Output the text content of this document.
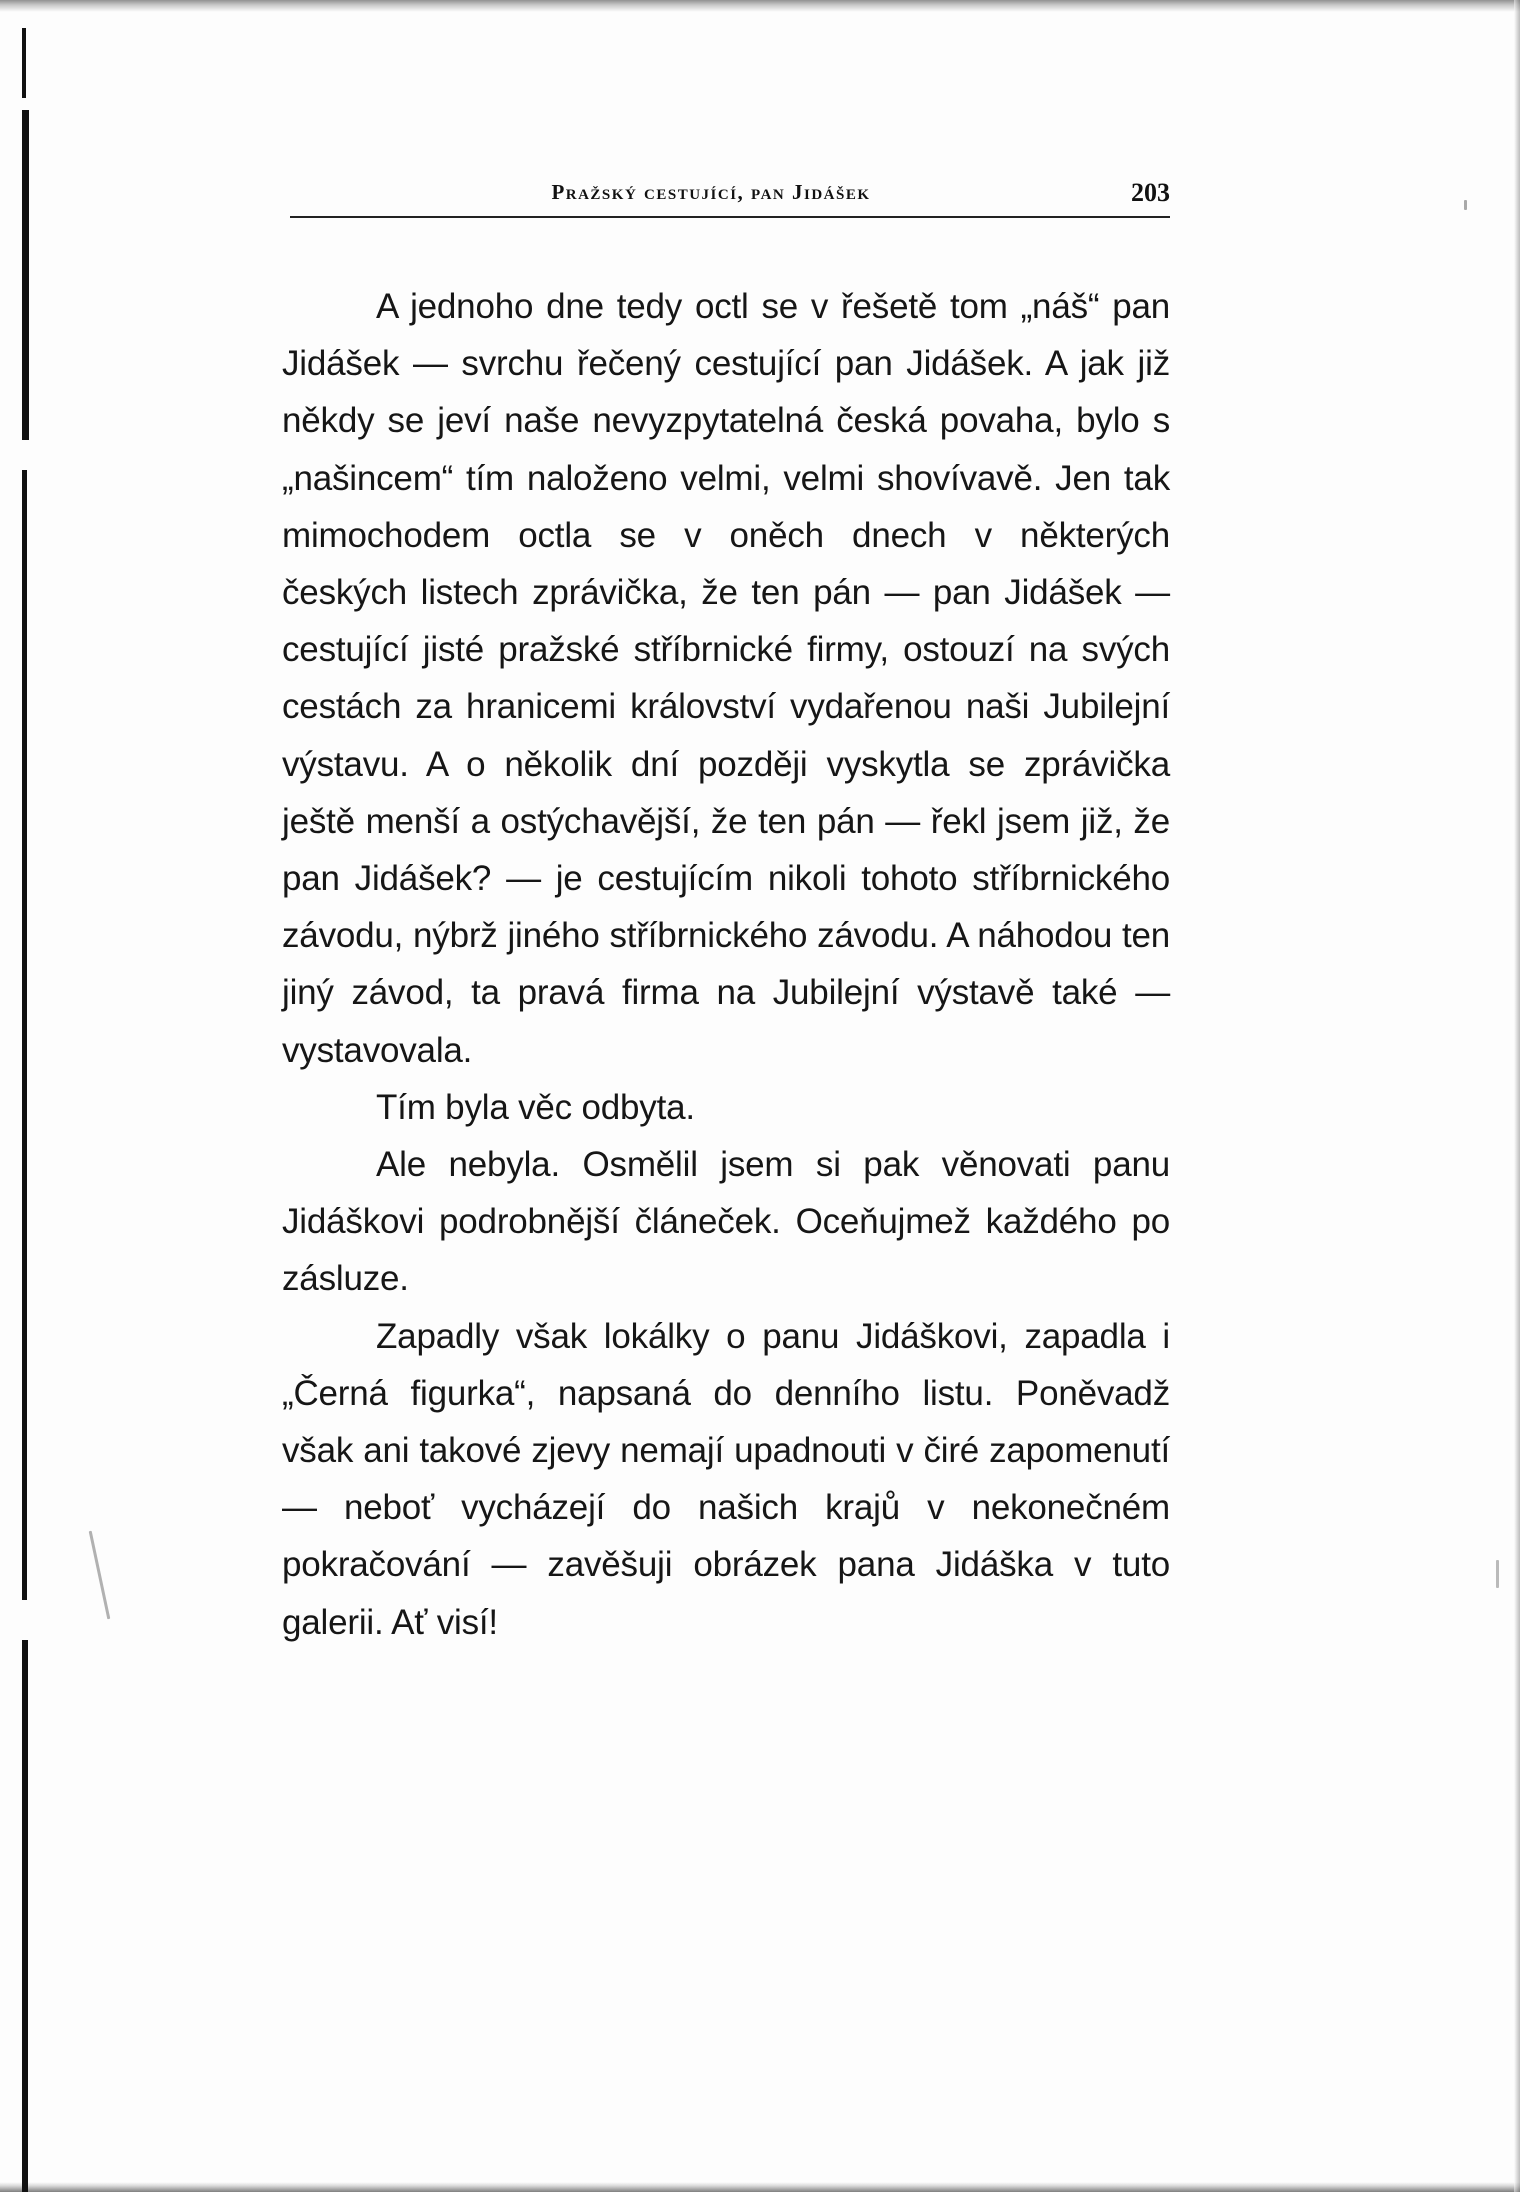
Pražský cestující, pan Jidášek	203

A jednoho dne tedy octl se v řešetě tom „náš“ pan Jidášek — svrchu řečený cestující pan Jidášek. A jak již někdy se jeví naše nevyzpytatelná česká povaha, bylo s „našincem“ tím naloženo velmi, velmi shovívavě. Jen tak mimochodem octla se v oněch dnech v některých českých listech zprávička, že ten pán — pan Jidášek — cestující jisté pražské stříbrnické firmy, ostouzí na svých cestách za hranicemi království vydařenou naši Jubilejní výstavu. A o několik dní později vyskytla se zprávička ještě menší a ostýchavější, že ten pán — řekl jsem již, že pan Jidášek? — je cestujícím nikoli tohoto stříbrnického závodu, nýbrž jiného stříbrnického závodu. A náhodou ten jiný závod, ta pravá firma na Jubilejní výstavě také — vystavovala.

Tím byla věc odbyta.

Ale nebyla. Osmělil jsem si pak věnovati panu Jidáškovi podrobnější článeček. Oceňujmež každého po zásluze.

Zapadly však lokálky o panu Jidáškovi, zapadla i „Černá figurka“, napsaná do denního listu. Poněvadž však ani takové zjevy nemají upadnouti v čiré zapomenutí — neboť vycházejí do našich krajů v nekonečném pokračování — zavěšuji obrázek pana Jidáška v tuto galerii. Ať visí!
